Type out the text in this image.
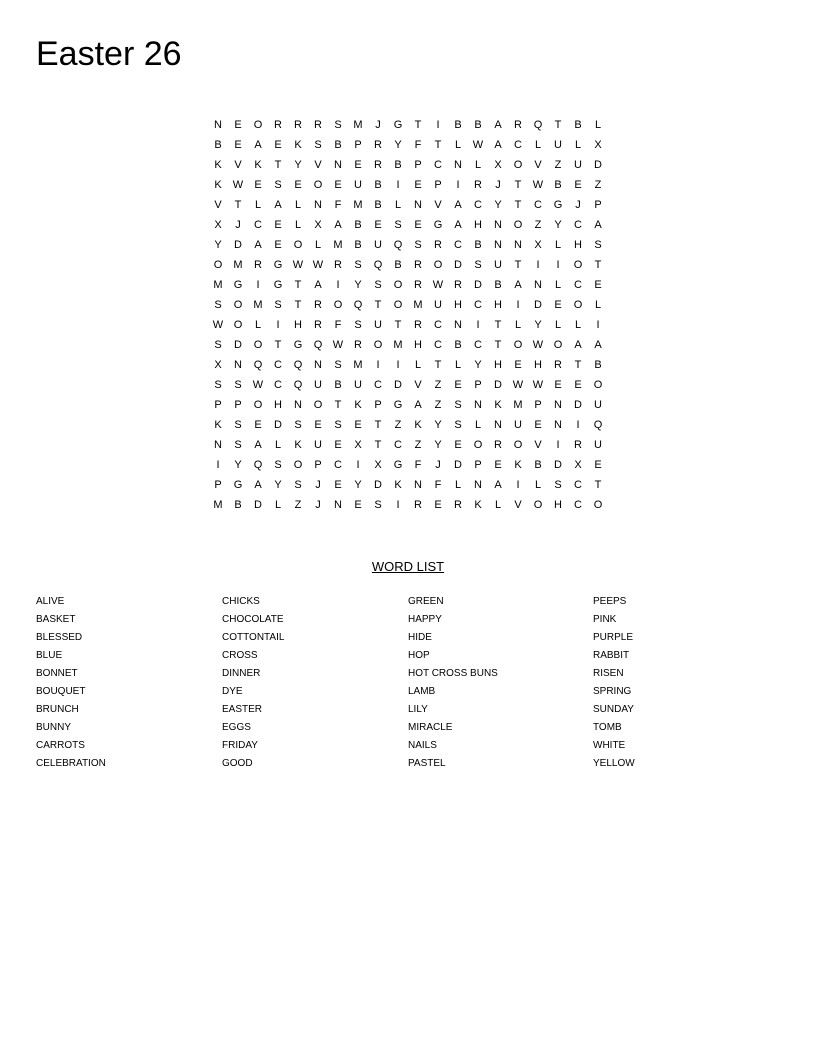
Easter 26
N	E	O	R	R	R	S	M	J	G	T	I	B	B	A	R	Q	T	B	L
B	E	A	E	K	S	B	P	R	Y	F	T	L	W	A	C	L	U	L	X
K	V	K	T	Y	V	N	E	R	B	P	C	N	L	X	O	V	Z	U	D
K	W	E	S	E	O	E	U	B	I	E	P	I	R	J	T	W	B	E	Z
V	T	L	A	L	N	F	M	B	L	N	V	A	C	Y	T	C	G	J	P
X	J	C	E	L	X	A	B	E	S	E	G	A	H	N	O	Z	Y	C	A
Y	D	A	E	O	L	M	B	U	Q	S	R	C	B	N	N	X	L	H	S
O	M	R	G W W R	S	Q	B	R	O	D	S	U	T	I	I	O	T
M	G	I	G	T	A	I	Y	S	O	R W R	D	B	A	N	L	C	E
S	O	M	S	T	R	O	Q	T	O	M	U	H	C	H	I	D	E	O	L
W O	L	I	H	R	F	S	U	T	R	C	N	I	T	L	Y	L	L	I
S	D	O	T	G	Q W R	O	M	H	C	B	C	T	O W O	A	A
X	N	Q	C	Q	N	S	M	I	I	L	T	L	Y	H	E	H	R	T	B
S	S	W C	Q	U	B	U	C	D	V	Z	E	P	D W W	E	E	O
P	P	O	H	N	O	T	K	P	G	A	Z	S	N	K	M	P	N	D	U
K	S	E	D	S	E	S	E	T	Z	K	Y	S	L	N	U	E	N	I	Q
N	S	A	L	K	U	E	X	T	C	Z	Y	E	O	R	O	V	I	R	U
I	Y	Q	S	O	P	C	I	X	G	F	J	D	P	E	K	B	D	X	E
P	G	A	Y	S	J	E	Y	D	K	N	F	L	N	A	I	L	S	C	T
M	B	D	L	Z	J	N	E	S	I	R	E	R	K	L	V	O	H	C	O
WORD LIST
ALIVE
BASKET
BLESSED
BLUE
BONNET
BOUQUET
BRUNCH
BUNNY
CARROTS
CELEBRATION
CHICKS
CHOCOLATE
COTTONTAIL
CROSS
DINNER
DYE
EASTER
EGGS
FRIDAY
GOOD
GREEN
HAPPY
HIDE
HOP
HOT CROSS BUNS
LAMB
LILY
MIRACLE
NAILS
PASTEL
PEEPS
PINK
PURPLE
RABBIT
RISEN
SPRING
SUNDAY
TOMB
WHITE
YELLOW
